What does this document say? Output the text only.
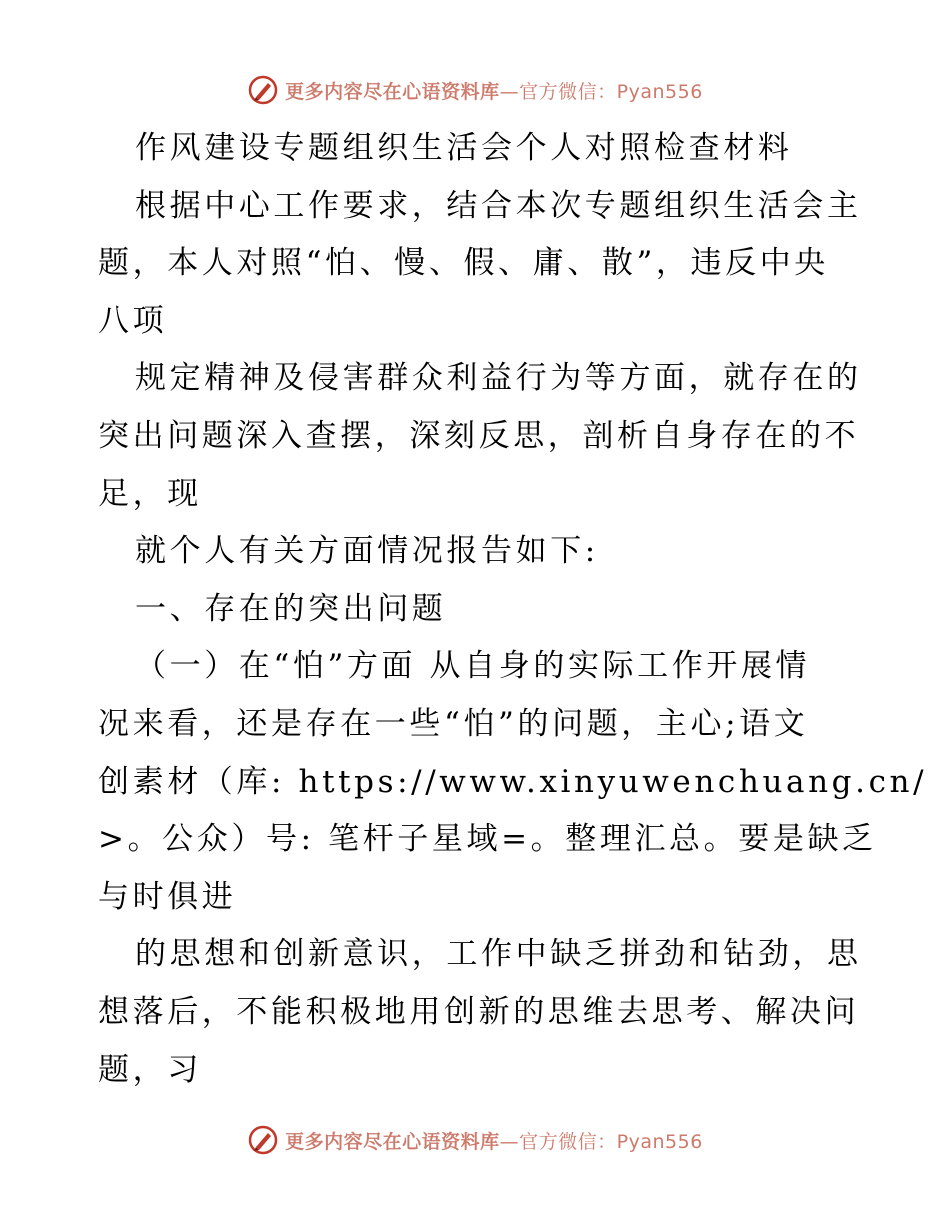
更多内容尽在心语资料库—官方微信：Pyan556
作风建设专题组织生活会个人对照检查材料
根据中心工作要求，结合本次专题组织生活会主
题，本人对照“怕、慢、假、庸、散”，违反中央
八项
规定精神及侵害群众利益行为等方面，就存在的
突出问题深入查摆，深刻反思，剖析自身存在的不
足，现
就个人有关方面情况报告如下:
一、存在的突出问题
（一）在“怕”方面 从自身的实际工作开展情
况来看，还是存在一些“怕”的问题，主心;语文
创素材（库: https://www.xinyuwenchuang.cn/
>。公众）号: 笔杆子星域=。整理汇总。要是缺乏
与时俱进
的思想和创新意识，工作中缺乏拼劲和钻劲，思
想落后，不能积极地用创新的思维去思考、解决问
题，习
更多内容尽在心语资料库—官方微信：Pyan556
